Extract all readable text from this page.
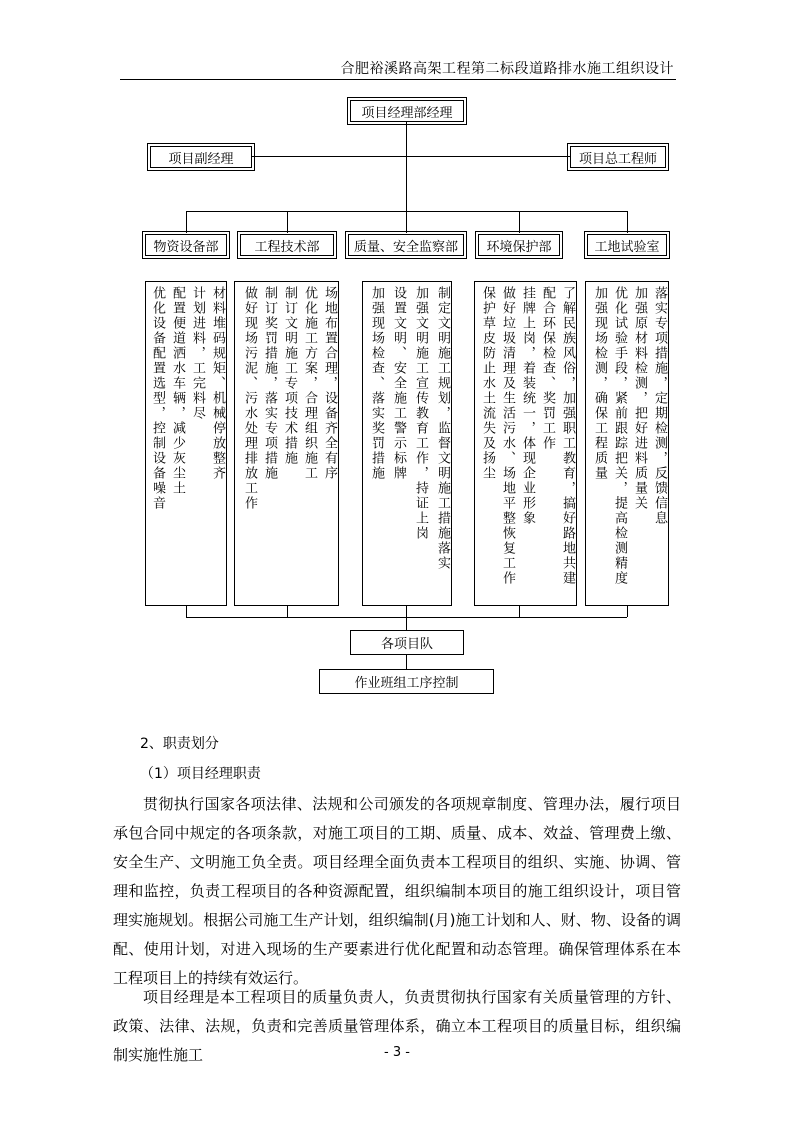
合肥裕溪路高架工程第二标段道路排水施工组织设计
项目经理部经理
项目副经理	项目总工程师
物资设备部	工程技术部	质量、安全监察部	环境保护部	工地试验室
材料堆码规矩、机械停放整齐
计划进料，工完料尽
配置便道洒水车辆，减少灰尘土
优化设备配置选型，控制设备噪音	场地布置合理，设备齐全有序
优化施工方案，合理组织施工
制订文明施工专项技术措施
制订奖罚措施，落实专项措施
做好现场污泥、污水处理排放工作	制定文明施工规划，监督文明施工措施落实
加强文明施工宣传教育工作，持证上岗
设置文明、安全施工警示标牌
加强现场检查、落实奖罚措施	了解民族风俗，加强职工教育，搞好路地共建
配合环保检查、奖罚工作
挂牌上岗，着装统一，体现企业形象
做好垃圾清理及生活污水、场地平整恢复工作
保护草皮防止水土流失及扬尘	落实专项措施，定期检测，反馈信息
加强原材料检测，把好进料质量关
优化试验手段，紧前跟踪把关，提高检测精度
加强现场检测，确保工程质量
各项目队
作业班组工序控制
2、职责划分
（1）项目经理职责
贯彻执行国家各项法律、法规和公司颁发的各项规章制度、管理办法，履行项目承包合同中规定的各项条款，对施工项目的工期、质量、成本、效益、管理费上缴、安全生产、文明施工负全责。项目经理全面负责本工程项目的组织、实施、协调、管理和监控，负责工程项目的各种资源配置，组织编制本项目的施工组织设计，项目管理实施规划。根据公司施工生产计划，组织编制(月)施工计划和人、财、物、设备的调配、使用计划，对进入现场的生产要素进行优化配置和动态管理。确保管理体系在本工程项目上的持续有效运行。
项目经理是本工程项目的质量负责人，负责贯彻执行国家有关质量管理的方针、政策、法律、法规，负责和完善质量管理体系，确立本工程项目的质量目标，组织编制实施性施工	- 3 -
